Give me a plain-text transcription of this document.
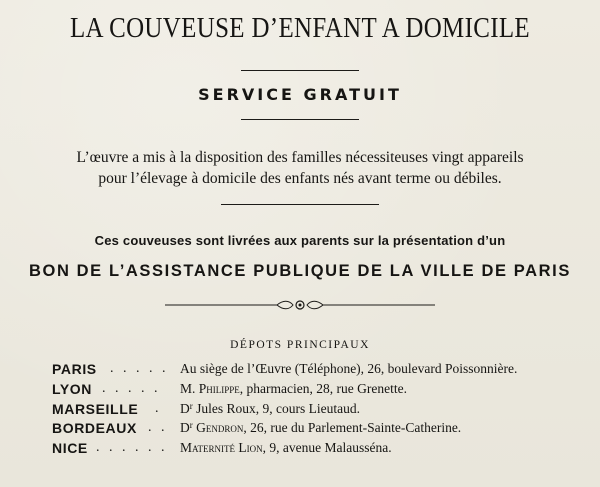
LA COUVEUSE D’ENFANT A DOMICILE
SERVICE GRATUIT
L’œuvre a mis à la disposition des familles nécessiteuses vingt appareils
pour l’élevage à domicile des enfants nés avant terme ou débiles.
Ces couveuses sont livrées aux parents sur la présentation d’un
BON DE L’ASSISTANCE PUBLIQUE DE LA VILLE DE PARIS
DÉPOTS PRINCIPAUX
PARIS . . . . . Au siège de l’Œuvre (Téléphone), 26, boulevard Poissonnière.
LYON . . . . . M. Philippe, pharmacien, 28, rue Grenette.
MARSEILLE . $D^r$ Jules Roux, 9, cours Lieutaud.
BORDEAUX . . $D^r$ Gendron, 26, rue du Parlement-Sainte-Catherine.
NICE . . . . . . Maternité Lion, 9, avenue Malausséna.
